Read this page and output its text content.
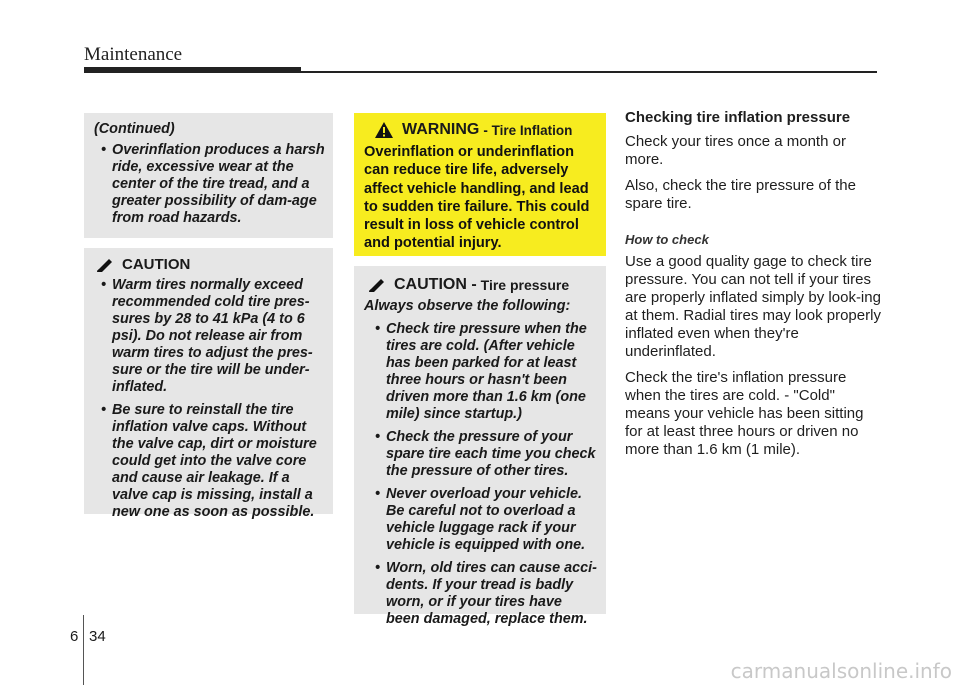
Maintenance
(Continued)
• Overinflation produces a harsh ride, excessive wear at the center of the tire tread, and a greater possibility of dam-age from road hazards.
CAUTION
• Warm tires normally exceed recommended cold tire pres-sures by 28 to 41 kPa (4 to 6 psi). Do not release air from warm tires to adjust the pres-sure or the tire will be under-inflated.
• Be sure to reinstall the tire inflation valve caps. Without the valve cap, dirt or moisture could get into the valve core and cause air leakage. If a valve cap is missing, install a new one as soon as possible.
WARNING - Tire Inflation
Overinflation or underinflation can reduce tire life, adversely affect vehicle handling, and lead to sudden tire failure. This could result in loss of vehicle control and potential injury.
CAUTION - Tire pressure
Always observe the following:
• Check tire pressure when the tires are cold. (After vehicle has been parked for at least three hours or hasn't been driven more than 1.6 km (one mile) since startup.)
• Check the pressure of your spare tire each time you check the pressure of other tires.
• Never overload your vehicle. Be careful not to overload a vehicle luggage rack if your vehicle is equipped with one.
• Worn, old tires can cause acci-dents. If your tread is badly worn, or if your tires have been damaged, replace them.
Checking tire inflation pressure

Check your tires once a month or more.

Also, check the tire pressure of the spare tire.

How to check

Use a good quality gage to check tire pressure. You can not tell if your tires are properly inflated simply by look-ing at them. Radial tires may look properly inflated even when they're underinflated.

Check the tire's inflation pressure when the tires are cold. - "Cold" means your vehicle has been sitting for at least three hours or driven no more than 1.6 km (1 mile).

6 34
carmanualsonline.info
